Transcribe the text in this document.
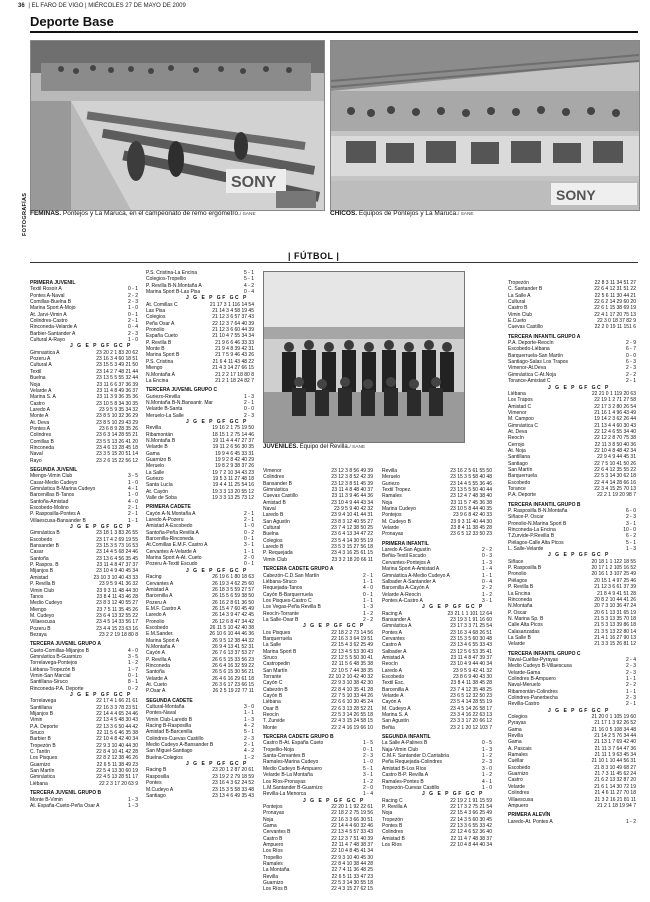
36 | EL FARO DE VIGO | MIÉRCOLES 27 DE MAYO DE 2009
Deporte Base
SONY
SONY
FOTOGRAFÍAS FÉMINAS. Pontejos y La Maruca, en el campeonato de remo ergómetro./ SANE	CHICOS. Equipos de Pontejos y La Maruca./ SANE
| FÚTBOL |
PRIMERA JUVENIL
Textil Rosoir A	0 - 1
Pontes A-Naval	2 - 2
Comillas-Buelna B	2 - 3
Marina Sport A-Mojo	1 - 0
At. Jarvi-Vimin A	0 - 1
Colindres-Castro	2 - 1
Rinconeda-Velarde A	0 - 4
Barbier-Santander A	2 - 3
Cultural A-Rayo	1 - 0
J G E P GF GC P
Gimnastica A	23 20 2 1 83 20 62
Pozeru A	23 16 3 4 60 18 51
Cultural A	23 15 5 3 49 21 50
Textil	23 14 2 7 48 21 44
Buelna	23 13 5 5 55 32 44
Noja	23 11 6 6 37 36 39
Velarde A	23 11 4 8 49 36 37
Marina S. A	23 11 3 9 36 35 36
Castro	23 10 5 8 34 30 35
Laredo A	23 9 5 9 35 34 32
Monte A	23 8 5 10 32 36 29
At. Deva	23 8 5 10 29 43 29
Pontes A	23 6 8 9 28 35 26
Colindres	23 6 3 14 28 55 21
Comillas B	23 5 5 13 26 41 20
Rinconeda	23 4 6 13 28 45 18
Naval	23 3 5 15 20 51 14
Rayo	23 2 6 15 22 56 12
SEGUNDA JUVENIL
Miengo-Vimin Club	3 - 5
Casar-Medio Cudeyo	1 - 0
Gimnástica B-Marina Cudeyo	4 - 1
Barcenillas B-Tanos	1 - 0
Santoña-Amistad	4 - 0
Escobedo-Molino	2 - 1
P. Rasposilla-Pontes A	2 - 1
Villaescusa-Bansander B	1 - 1
J G E P GF GC P
Gimnástica B	23 18 1 3 83 26 55
Escobedo	23 17 4 2 69 19 55
Bansander B	23 15 3 5 73 16 53
Casar	23 14 4 5 68 24 46
Santoña	23 13 6 4 56 35 45
P. Raspos. B	23 11 4 8 47 37 37
Mijanjos B	23 10 4 9 40 45 34
Amistad	23 10 3 10 40 43 33
P. Revilla B	23 9 5 9 41 36 32
Vimin Club	23 9 3 11 48 44 30
Tanos	23 8 4 11 43 46 28
Medio Cudeyo	23 8 3 12 40 55 27
Miengo	23 7 5 11 35 45 26
M. Cudeyo	23 6 4 13 32 55 22
Villaescusa	23 4 5 14 33 56 17
Pozeru B	23 4 4 15 23 63 16
Bezaya	23 2 2 19 18 80 8
TERCERA JUVENIL GRUPO A
Cueto-Comillas-Mijanjos B	4 - 0
Gimnástica B-Guarnizo	3 - 5
Torrelavega-Pontejos	1 - 2
Liébana-Tropezón B	1 - 7
Vimin-San Marcial	0 - 1
Santillana-Siruco	8 - 1
Rinconeda-P.A. Deporte	0 - 2
J G E P GF GC P
Torrelavega	22 17 4 1 66 21 61
Santillana	22 16 3 3 78 23 51
Mijanjos B	22 14 4 4 65 24 46
Vimin	22 13 4 5 48 30 43
P.A. Deporte	22 13 3 6 50 44 42
Siruco	22 11 5 6 46 35 38
Barbier B	22 10 4 8 42 40 34
Tropezón B	22 9 3 10 40 44 30
C. Tantín	22 8 4 10 41 42 28
Los Pisques	22 8 2 12 38 46 26
Guarnizo	22 6 5 11 38 49 23
San Martín	22 5 4 13 30 60 19
Gimnástica	22 4 5 13 28 51 17
Liébana	22 2 3 17 20 63 9
TERCERA JUVENIL GRUPO B
Monte B-Vimin	1 - 3
At. España-Cueto-Peña Osar A	1 - 3
P.S. Cristina-La Encina	5 - 1
Colegios-Tropellio	5 - 1
P. Revilla B-N.Montaña A	4 - 2
Marina Sport B-Las Pisa	0 - 4
J G E P GF GC P
At. Comillas C	21 17 3 1 116 14 54
Las Pisa	21 14 3 4 58 19 45
Colegios	21 12 3 6 57 37 43
Peña Osar A	22 12 3 7 64 40 39
Pronolio	21 12 3 6 60 44 39
España Cueto	21 10 4 7 55 34 34
P. Revilla B	21 9 6 6 46 33 33
Monte B	21 9 4 8 39 42 31
Marina Sport B	21 7 5 9 46 43 26
P.S. Cristina	21 6 4 11 43 48 22
Miengo	21 4 3 14 27 66 15
N.Montaña A	21 2 2 17 18 80 8
La Encina	21 2 1 18 24 82 7
TERCERA JUVENIL GRUPO C
Guriezo-Revilla	1 - 3
N.Montaña B-N.Bansantr. Mar	2 - 1
Velarde B-Santa	0 - 0
Meruelo-La Salle	2 - 3
J G E P GF GC P
Revilla	19 16 2 1 75 19 50
Ribamontán	18 15 1 2 75 14 46
N.Montaña B	19 11 4 4 47 27 37
Velarde B	19 11 2 6 56 30 35
Gama	19 9 4 6 45 33 31
Guarnizo B	19 9 2 8 42 40 29
Meruelo	19 8 2 9 38 37 26
La Salle	19 7 2 10 34 43 23
Guriezo	19 5 3 11 27 48 18
Santa Lucía	19 4 4 11 25 54 16
At. Cayón	19 3 3 13 20 55 12
Valle de Soba	19 3 3 13 25 73 12
PRIMERA CADETE
Cayón A-N.Montaña A	2 - 1
Laredo A-Pozeru	2 - 1
Amistad A-Escobedo	1 - 0
Santoña-Peña Revilla A	0 - 2
Barcenilla-Rinconeda	0 - 1
At.Comillas E.M.F. Castro A	3 - 1
Cervantes A-Velarde A	1 - 1
Marina Sport A-At. Cueto	2 - 0
Pozeru A-Textil Escudo	0 - 1
J G E P GF GC P
Racing	26 19 6 1 80 18 63
Cervantes A	26 19 3 4 62 25 60
Amistad A	26 18 3 5 59 27 57
Barcenilla A	26 15 5 6 59 38 50
Pozeru A	26 16 2 8 61 36 50
E.M.F. Castro A	26 15 4 7 60 45 49
Laredo A	26 14 3 9 47 42 45
Pronolio	26 12 6 8 47 34 42
Escobedo	26 11 5 10 42 40 38
E.M.Sander.	26 10 6 10 44 46 36
Marina Sport A	26 9 5 12 38 44 32
N.Montaña A	26 9 4 13 41 52 31
Cayón A	26 7 6 13 37 53 27
P. Revilla A	26 6 5 15 33 56 23
Rinconeda	26 6 4 16 32 59 22
Santoña	26 5 6 15 30 56 21
Velarde A	26 4 6 16 29 61 18
At. Cueto	26 3 6 17 23 66 15
P.Osar A	26 2 5 19 22 77 11
SEGUNDA CADETE
Cultural-Montaña	3 - 0
Pontes-Naval	1 - 1
Vimin Club-Laredo B	1 - 3
Racing B-Rasposilla	4 - 2
Amistad B-Barcenilla	5 - 1
Colindres-Cuevas Castillo	2 - 3
Medio Cudeyo A-Bansander B	2 - 1
San Miguel-Santiago	4 - 2
Buelna-Colegios	1 - 2
J G E P GF GC P
Racing B	23 20 1 2 87 20 61
Rasposilla	23 19 2 2 79 18 59
Pontes	23 16 4 3 62 24 52
M.Cudeyo A	23 15 3 5 58 33 48
Santiago	23 13 4 6 49 35 43
Vimenor	23 12 3 8 56 49 39
Colindres	23 12 3 8 52 42 39
Bansander B	23 12 3 8 51 45 39
Gimnástica	23 11 4 8 48 40 37
Cuevas Castillo	23 11 3 9 46 44 36
Amistad B	23 10 4 9 44 43 34
Naval	23 9 5 9 40 42 32
Laredo B	23 9 4 10 41 44 31
San Agustín	23 8 3 12 40 55 27
Cultural	23 7 4 12 38 50 25
Buelna	23 6 4 13 34 47 22
Colegios	23 5 4 14 30 55 19
Laredo B	23 5 3 15 27 56 18
P. Requejada	23 4 3 16 25 61 15
Vimin Club	23 3 2 18 20 66 11
TERCERA CADETE GRUPO A
Cabezón-C.D.San Martín	2 - 1
Liébana-Siruco	1 - 1
Requejada-Tanos	4 - 0
Cayón B-Barquerruela	0 - 1
Los Pisques-Castro C	1 - 1
Los Vegas-Peña Revilla B	1 - 3
Reocín-Torrante	1 - 2
La Salle-Osar B	2 - 2
J G E P GF GC P
Los Pisques	22 18 2 2 73 14 56
Barquerruela	22 16 3 3 64 19 51
La Salle	22 15 4 3 62 25 49
Marina Sport B	22 13 4 5 53 30 43
Siruco	22 12 5 5 50 30 41
Castropedin	22 11 5 6 48 35 38
San Martín	22 10 5 7 44 38 35
Torrante	22 10 2 10 42 40 32
Cayón C	22 9 3 10 38 42 30
Cabezón B	22 8 4 10 35 41 28
Cayón B	22 7 5 10 33 44 26
Liébana	22 6 6 10 30 45 24
Osar B	22 6 3 13 28 52 21
Reocín	22 5 3 14 26 55 18
T. Zurvide	22 4 3 15 24 58 15
Monte	22 2 4 16 19 66 10
TERCERA CADETE GRUPO B
Castro B-At. España Cueto	1 - 5
Tropellio-Noja	0 - 1
Santa-Cervantes B	2 - 3
Ramales-Marina Cudeyo	1 - 0
Medio Cudeyo B-Ampuero	5 - 1
Velarde B-La Montaña	3 - 1
Los Ríos-Pronayas	1 - 2
L.M.Santander B-Guarnizo	2 - 0
Revilla-La Menorca	1 - 4
J G E P GF GC P
Pontejos	22 20 1 1 92 22 61
Pronayas	22 18 2 2 75 19 56
Noja	22 16 3 3 66 30 51
Gama	22 14 4 4 60 32 46
Cervantes B	22 13 4 5 57 33 43
Castro B	22 12 3 7 51 40 39
Ampuero	22 11 4 7 48 38 37
Los Ríos	22 10 4 8 45 41 34
Tropellio	22 9 3 10 40 45 30
Ramales	22 8 4 10 38 44 28
La Montaña	22 7 4 11 36 48 25
Revilla	22 6 5 11 33 47 23
Guarnizo	22 5 3 14 30 55 18
Los Ríos B	22 4 3 15 27 62 15
Revilla	23 16 2 5 61 55 50
Meruelo	23 15 3 5 58 40 48
Guriezo	23 14 4 5 55 36 46
Textil Tropez.	23 13 5 5 50 40 44
Ramales	23 12 4 7 48 38 40
Noja	23 11 5 7 45 36 38
Marina Cudeyo	23 10 5 8 44 40 35
Pontejos	23 9 6 8 42 40 33
M. Cudeyo B	23 9 3 11 40 44 30
Velarde	23 8 4 11 38 45 28
Pronayas	23 6 5 12 33 50 23
PRIMERA INFANTIL
Laredo A-San Agustín	2 - 2
Beñia-Textil Escudo	0 - 3
Cervantes-Pontejos A	1 - 3
Marina Sport A-Amistad A	1 - 4
Gimnástica A-Medio Cudeyo A	1 - 1
Salbader A-Santander A	0 - 4
Barcenilla A-Cayón A	2 - 2
Velarde A-Reocín	1 - 2
Pontes A-Castro A	3 - 1
J G E P GF GC P
Racing A	23 21 1 1 101 12 64
Bansander A	23 19 3 1 91 16 60
Gimnástica A	23 17 3 3 71 25 54
Pontes A	23 16 3 4 68 26 51
Cervantes	23 15 3 5 60 30 48
Castro A	23 13 4 6 55 33 43
Salbader A	23 12 5 6 53 35 41
Amistad A	23 11 4 8 47 39 37
Reocín	23 10 4 9 44 40 34
Laredo A	23 9 5 9 42 41 32
Escobedo	23 8 6 9 40 43 30
Textil Esc.	23 8 4 11 38 45 28
Barcenilla A	23 7 4 12 35 48 25
Velarde A	23 6 5 12 32 50 23
Cayón A	23 5 4 14 28 55 19
M. Cudeyo A	23 4 5 14 26 58 17
Marina S. A	23 3 4 16 22 63 13
San Agustín	23 3 3 17 20 66 12
Beñia	23 2 1 20 12 103 7
SEGUNDA INFANTIL
La Salle A-Palines B	0 - 5
Naja-Vimin Club	1 - 3
C.M.F. Santander D.Cantabria	1 - 2
Peña Requejada-Colindres	2 - 3
Amistad B-Los Ríos	3 - 0
Castro B-P. Revilla A	1 - 2
Ramales-Pontes B	4 - 1
Tropezón-Cuevas Castillo	1 - 0
J G E P GF GC P
Racing C	22 19 2 1 91 15 59
P. Revilla A	22 17 3 2 75 21 54
Noja	22 15 4 3 66 25 49
Tropezón	22 14 3 5 60 30 45
Pontes B	22 13 3 6 55 33 42
Colindres	22 12 4 6 52 36 40
Amistad B	22 11 4 7 48 38 37
Los Ríos	22 10 4 8 44 40 34
Tropezón	22 8 3 11 34 51 27
C. Santander B	22 6 4 12 31 51 22
La Salle A	22 5 6 11 30 44 21
Cultural	22 6 2 14 29 60 20
Castro B	22 6 1 15 38 69 19
Vimin Club	22 4 1 17 20 75 13
E.Cueto	22 3 0 18 37 82 9
Cuevas Castillo	22 2 0 19 11 151 6
TERCERA INFANTIL GRUPO A
P.A. Deporte-Reocín	2 - 9
Escobedo-Liébana	6 - 7
Barquerruela-San Martín	0 - 0
Santiago-Salas Los Trapos	6 - 3
Vimenor-At.Deva	2 - 3
Gimnástica C-At.Noja	2 - 2
Torance-Amistad C	2 - 1
J G E P GF GC P
Liébana	22 21 0 1 119 20 63
Los Trapos	22 19 1 2 71 27 58
Amistad C	22 17 3 2 80 26 54
Vimenor	21 16 1 4 96 43 49
M. Campoo	19 14 2 3 62 26 44
Gimnástica C	21 13 4 4 60 30 43
At. Deva	22 12 4 6 55 34 40
Reocín	22 12 2 8 70 75 38
Cerrojo	22 11 3 8 50 40 36
At. Noja	22 10 4 8 48 42 34
Santillana	22 9 4 9 44 45 31
Santiago	22 7 5 10 41 50 26
San Martín	22 6 4 12 35 55 22
Barquerruela	22 5 3 14 30 62 18
Escobedo	22 4 4 14 28 66 16
Torance	22 3 4 15 25 70 13
P.A. Deporte	22 2 1 19 20 98 7
TERCERA INFANTIL GRUPO B
P. Rasposilla B-N.Montaña	6 - 0
Siñace-P. Oscar	2 - 3
Pronolio-N.Marina Sport B	3 - 1
Rinconeda-La Encina	10 - 0
T.Zurvide-P.Revilla B	6 - 2
Piélagos-Calle Alta Picos	5 - 1
L. Salle-Velarde	1 - 3
J G E P GF GC P
Siñace	20 18 1 1 122 18 55
P. Rasposilla B	20 17 1 2 105 16 52
Pronolio	20 16 1 3 107 25 49
Piélagos	20 15 1 4 97 25 46
P. Revilla B	21 12 3 6 61 37 39
La Encina	21 8 4 9 41 51 28
Rinconeda	20 8 2 10 44 41 26
N.Montaña	20 7 3 10 36 47 24
P. Oscar	20 6 1 13 31 65 19
N. Marina Sp. B	21 5 3 13 35 70 18
Calle Alta Picos	21 5 3 13 39 86 18
Calasanzadas	21 3 5 13 22 80 14
La Salle B	21 4 1 16 27 90 13
Velarde	21 3 3 15 26 81 12
TERCERA INFANTIL GRUPO C
Naval-Cuéllar-Pyrayas	2 - 4
Medio Cudeyo B-Villaescusa	2 - 3
Velarde-Gama	2 - 3
Colindres B-Ampuero	1 - 1
Naval-Meruelo	2 - 2
Ribamontán-Colindres	1 - 1
Colindres-Panerbecha	2 - 3
Revilla-Castro	2 - 1
J G E P GF GC P
Colegios	21 20 0 1 105 19 60
Pyrayas	21 17 1 3 92 26 52
Gama	21 16 0 5 108 34 48
Revilla	21 14 2 5 76 34 44
Gama	21 13 1 7 69 42 40
A. Pascais	21 11 3 7 64 47 36
Ramales	21 11 1 9 63 45 34
Cuéllar	21 10 1 10 44 56 31
Escobedo	21 8 3 10 49 68 27
Guarnizo	21 7 3 11 45 62 24
Castro	21 6 2 13 32 87 20
Velarde	21 6 1 14 30 72 19
Colindres	21 4 6 11 27 70 18
Villaescusa	21 3 2 16 21 81 11
Ampuero	21 2 1 18 19 94 7
PRIMERA ALEVÍN
Laredo-At. Pontes A	1 - 2
JUVENILES. Equipo del Revilla./ SANE
